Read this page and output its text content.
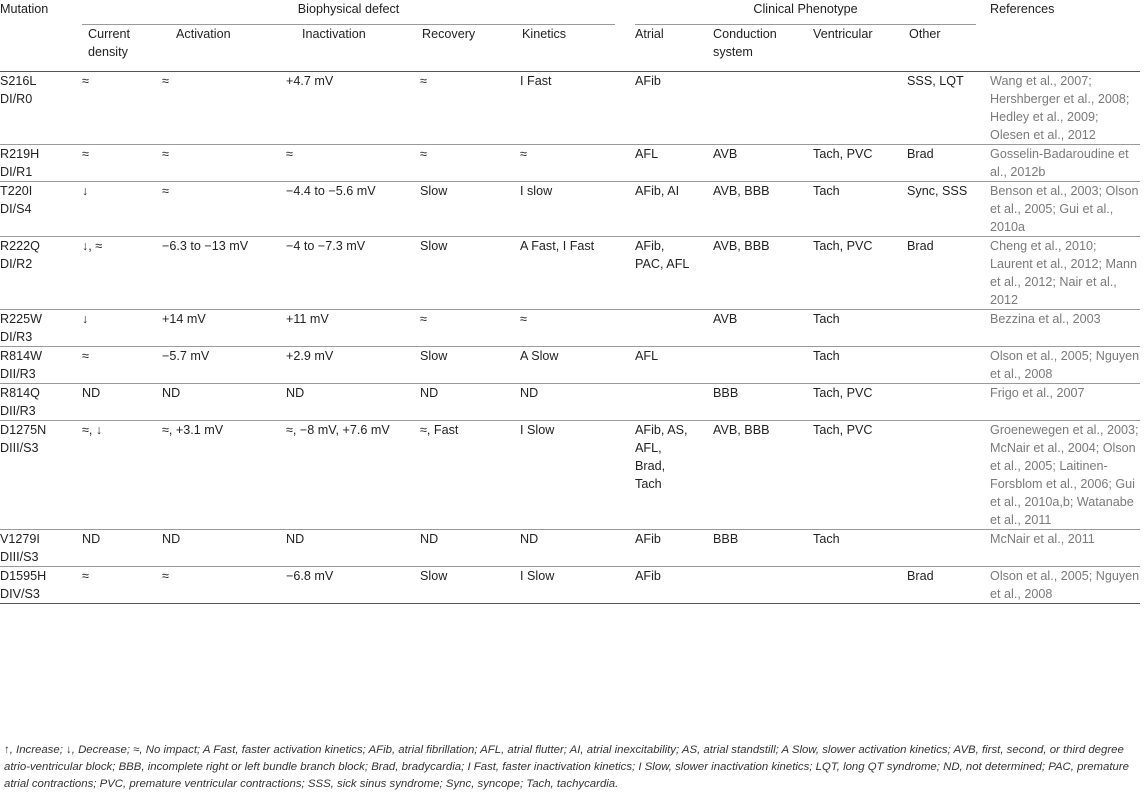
Mutation	Biophysical defect						Clinical Phenotype				References
	Current density	Activation	Inactivation	Recovery	Kinetics		Atrial	Conduction system	Ventricular	Other	

S216L
DI/R0	≈	≈	+4.7 mV	≈	I Fast		AFib			SSS, LQT	Wang et al., 2007; Hershberger et al., 2008; Hedley et al., 2009; Olesen et al., 2012

R219H
DI/R1	≈	≈	≈	≈	≈		AFL	AVB	Tach, PVC	Brad	Gosselin-Badaroudine et al., 2012b

T220I
DI/S4	↓	≈	−4.4 to −5.6 mV	Slow	I slow		AFib, AI	AVB, BBB	Tach	Sync, SSS	Benson et al., 2003; Olson et al., 2005; Gui et al., 2010a

R222Q
DI/R2	↓, ≈	−6.3 to −13 mV	−4 to −7.3 mV	Slow	A Fast, I Fast		AFib, PAC, AFL	AVB, BBB	Tach, PVC	Brad	Cheng et al., 2010; Laurent et al., 2012; Mann et al., 2012; Nair et al., 2012

R225W
DI/R3	↓	+14 mV	+11 mV	≈	≈			AVB	Tach		Bezzina et al., 2003

R814W
DII/R3	≈	−5.7 mV	+2.9 mV	Slow	A Slow		AFL		Tach		Olson et al., 2005; Nguyen et al., 2008

R814Q
DII/R3	ND	ND	ND	ND	ND			BBB	Tach, PVC		Frigo et al., 2007

D1275N
DIII/S3	≈, ↓	≈, +3.1 mV	≈, −8 mV, +7.6 mV	≈, Fast	I Slow		AFib, AS, AFL, Brad, Tach	AVB, BBB	Tach, PVC		Groenewegen et al., 2003; McNair et al., 2004; Olson et al., 2005; Laitinen-Forsblom et al., 2006; Gui et al., 2010a,b; Watanabe et al., 2011

V1279I
DIII/S3	ND	ND	ND	ND	ND		AFib	BBB	Tach		McNair et al., 2011

D1595H
DIV/S3	≈	≈	−6.8 mV	Slow	I Slow		AFib			Brad	Olson et al., 2005; Nguyen et al., 2008
↑, Increase; ↓, Decrease; ≈, No impact; A Fast, faster activation kinetics; AFib, atrial fibrillation; AFL, atrial flutter; AI, atrial inexcitability; AS, atrial standstill; A Slow, slower activation kinetics; AVB, first, second, or third degree atrio-ventricular block; BBB, incomplete right or left bundle branch block; Brad, bradycardia; I Fast, faster inactivation kinetics; I Slow, slower inactivation kinetics; LQT, long QT syndrome; ND, not determined; PAC, premature atrial contractions; PVC, premature ventricular contractions; SSS, sick sinus syndrome; Sync, syncope; Tach, tachycardia.
